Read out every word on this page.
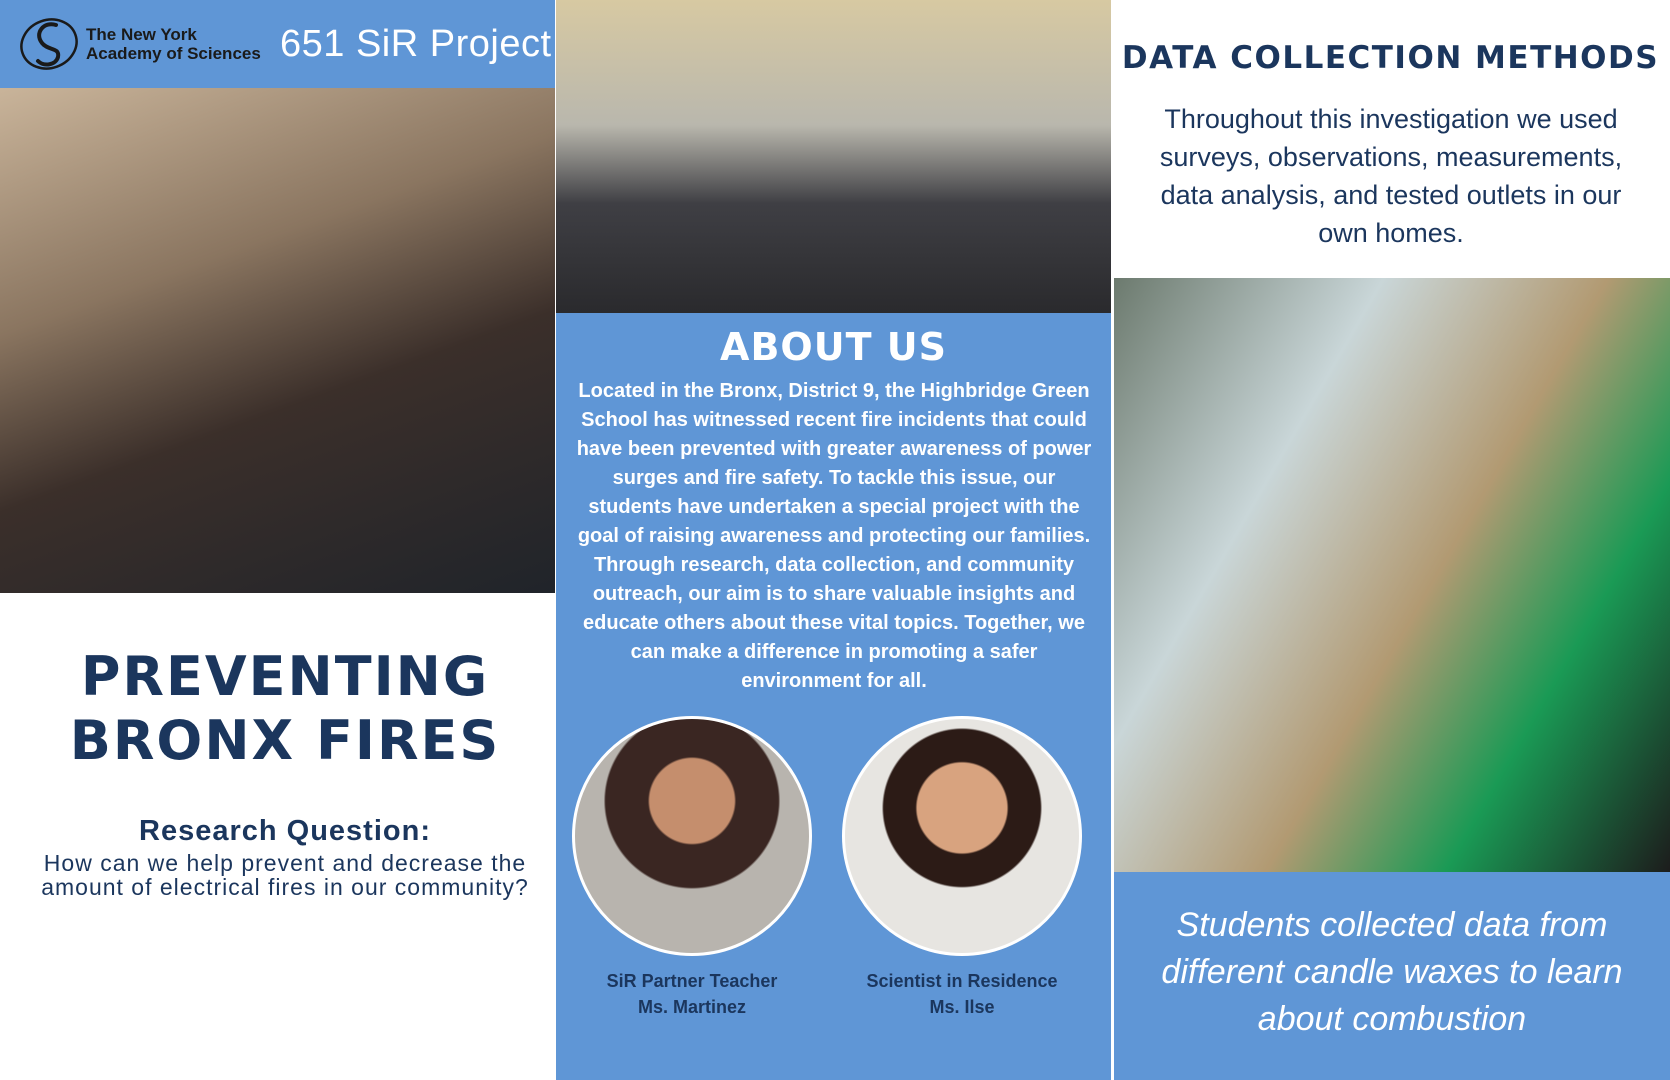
The New York Academy of Sciences 651 SiR Project
PREVENTING
BRONX FIRES
Research Question:
How can we help prevent and decrease the amount of electrical fires in our community?
ABOUT US
Located in the Bronx, District 9, the Highbridge Green School has witnessed recent fire incidents that could have been prevented with greater awareness of power surges and fire safety. To tackle this issue, our students have undertaken a special project with the goal of raising awareness and protecting our families. Through research, data collection, and community outreach, our aim is to share valuable insights and educate others about these vital topics. Together, we can make a difference in promoting a safer environment for all.
SiR Partner Teacher
Ms. Martinez
Scientist in Residence
Ms. Ilse
DATA COLLECTION METHODS
Throughout this investigation we used surveys, observations, measurements, data analysis, and tested outlets in our own homes.
Students collected data from different candle waxes to learn about combustion
